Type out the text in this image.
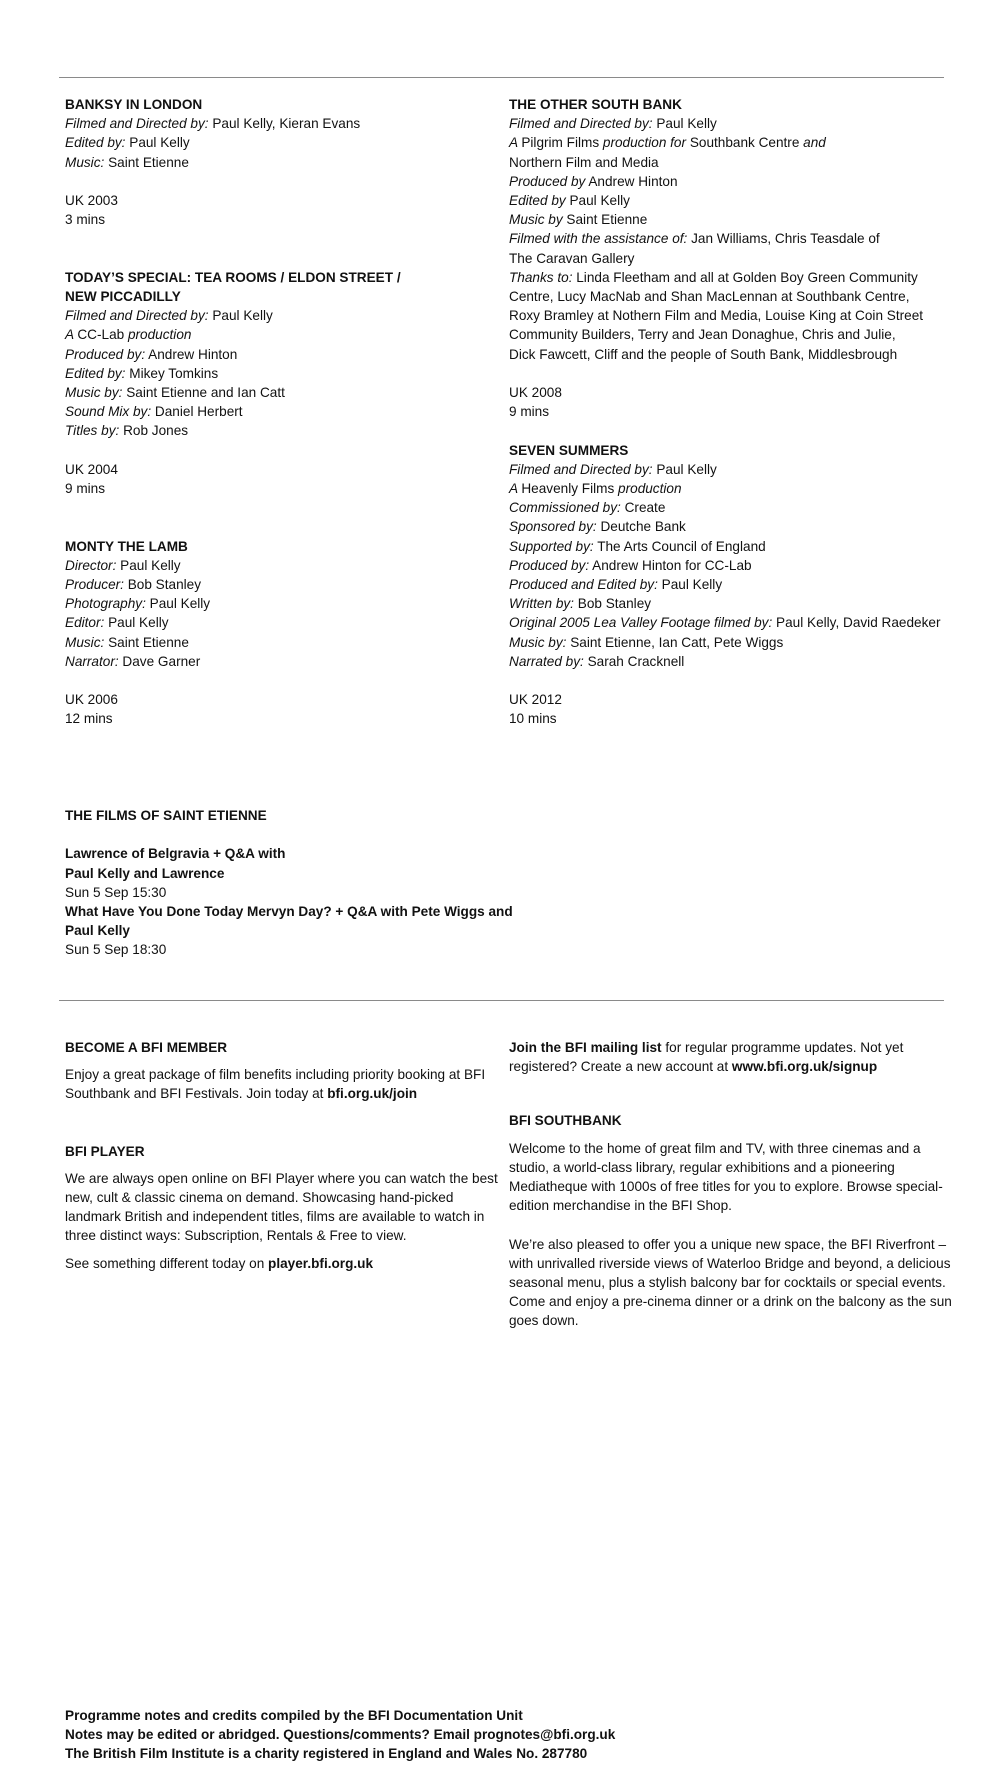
BANKSY IN LONDON
Filmed and Directed by: Paul Kelly, Kieran Evans
Edited by: Paul Kelly
Music: Saint Etienne
UK 2003
3 mins
TODAY’S SPECIAL: TEA ROOMS / ELDON STREET /
NEW PICCADILLY
Filmed and Directed by: Paul Kelly
A CC-Lab production
Produced by: Andrew Hinton
Edited by: Mikey Tomkins
Music by: Saint Etienne and Ian Catt
Sound Mix by: Daniel Herbert
Titles by: Rob Jones
UK 2004
9 mins
MONTY THE LAMB
Director: Paul Kelly
Producer: Bob Stanley
Photography: Paul Kelly
Editor: Paul Kelly
Music: Saint Etienne
Narrator: Dave Garner
UK 2006
12 mins
THE OTHER SOUTH BANK
Filmed and Directed by: Paul Kelly
A Pilgrim Films production for Southbank Centre and
Northern Film and Media
Produced by Andrew Hinton
Edited by Paul Kelly
Music by Saint Etienne
Filmed with the assistance of: Jan Williams, Chris Teasdale of
The Caravan Gallery
Thanks to: Linda Fleetham and all at Golden Boy Green Community
Centre, Lucy MacNab and Shan MacLennan at Southbank Centre,
Roxy Bramley at Nothern Film and Media, Louise King at Coin Street
Community Builders, Terry and Jean Donaghue, Chris and Julie,
Dick Fawcett, Cliff and the people of South Bank, Middlesbrough
UK 2008
9 mins
SEVEN SUMMERS
Filmed and Directed by: Paul Kelly
A Heavenly Films production
Commissioned by: Create
Sponsored by: Deutche Bank
Supported by: The Arts Council of England
Produced by: Andrew Hinton for CC-Lab
Produced and Edited by: Paul Kelly
Written by: Bob Stanley
Original 2005 Lea Valley Footage filmed by: Paul Kelly, David Raedeker
Music by: Saint Etienne, Ian Catt, Pete Wiggs
Narrated by: Sarah Cracknell
UK 2012
10 mins
THE FILMS OF SAINT ETIENNE
Lawrence of Belgravia + Q&A with
Paul Kelly and Lawrence
Sun 5 Sep 15:30
What Have You Done Today Mervyn Day? + Q&A with Pete Wiggs and
Paul Kelly
Sun 5 Sep 18:30
BECOME A BFI MEMBER
Enjoy a great package of film benefits including priority booking at BFI
Southbank and BFI Festivals. Join today at bfi.org.uk/join
BFI PLAYER
We are always open online on BFI Player where you can watch the best
new, cult & classic cinema on demand. Showcasing hand-picked
landmark British and independent titles, films are available to watch in
three distinct ways: Subscription, Rentals & Free to view.
See something different today on player.bfi.org.uk
Join the BFI mailing list for regular programme updates. Not yet
registered? Create a new account at www.bfi.org.uk/signup
BFI SOUTHBANK
Welcome to the home of great film and TV, with three cinemas and a
studio, a world-class library, regular exhibitions and a pioneering
Mediatheque with 1000s of free titles for you to explore. Browse special-
edition merchandise in the BFI Shop.
We’re also pleased to offer you a unique new space, the BFI Riverfront –
with unrivalled riverside views of Waterloo Bridge and beyond, a delicious
seasonal menu, plus a stylish balcony bar for cocktails or special events.
Come and enjoy a pre-cinema dinner or a drink on the balcony as the sun
goes down.
Programme notes and credits compiled by the BFI Documentation Unit
Notes may be edited or abridged. Questions/comments? Email prognotes@bfi.org.uk
The British Film Institute is a charity registered in England and Wales No. 287780
